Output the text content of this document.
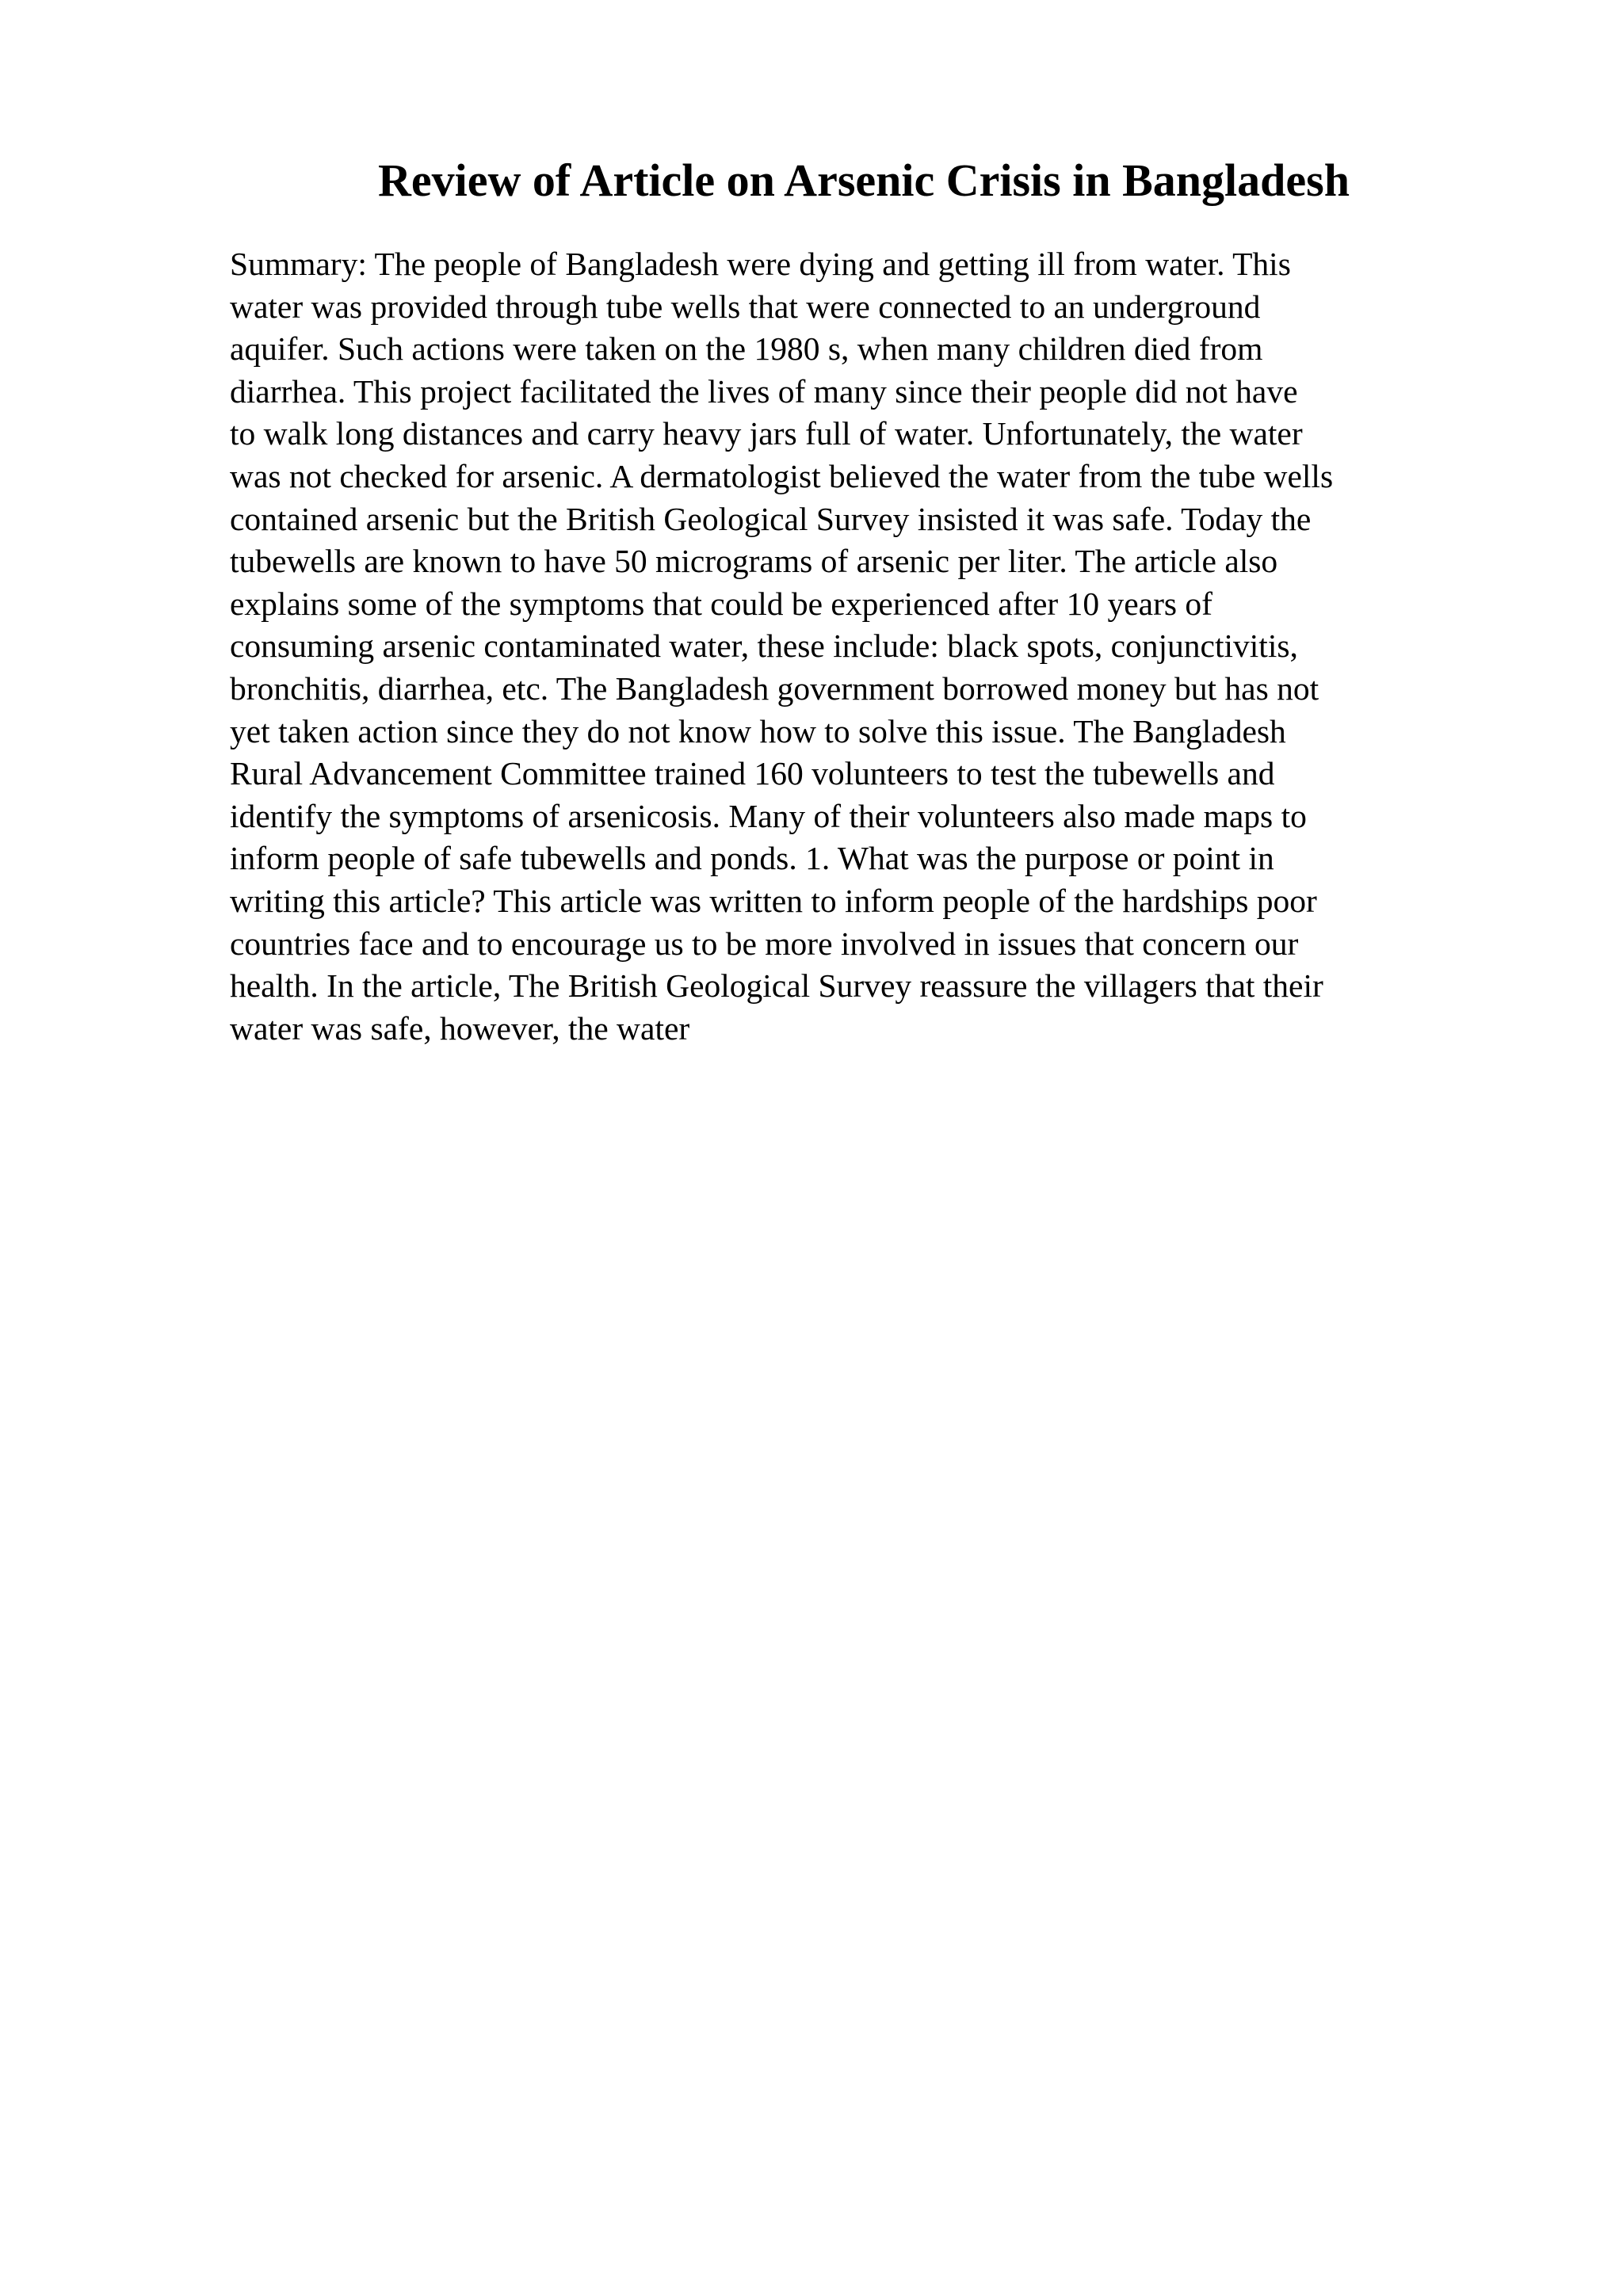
Review of Article on Arsenic Crisis in Bangladesh
Summary: The people of Bangladesh were dying and getting ill from water. This
water was provided through tube wells that were connected to an underground
aquifer. Such actions were taken on the 1980 s, when many children died from
diarrhea. This project facilitated the lives of many since their people did not have
to walk long distances and carry heavy jars full of water. Unfortunately, the water
was not checked for arsenic. A dermatologist believed the water from the tube wells
contained arsenic but the British Geological Survey insisted it was safe. Today the
tubewells are known to have 50 micrograms of arsenic per liter. The article also
explains some of the symptoms that could be experienced after 10 years of
consuming arsenic contaminated water, these include: black spots, conjunctivitis,
bronchitis, diarrhea, etc. The Bangladesh government borrowed money but has not
yet taken action since they do not know how to solve this issue. The Bangladesh
Rural Advancement Committee trained 160 volunteers to test the tubewells and
identify the symptoms of arsenicosis. Many of their volunteers also made maps to
inform people of safe tubewells and ponds. 1. What was the purpose or point in
writing this article? This article was written to inform people of the hardships poor
countries face and to encourage us to be more involved in issues that concern our
health. In the article, The British Geological Survey reassure the villagers that their
water was safe, however, the water
